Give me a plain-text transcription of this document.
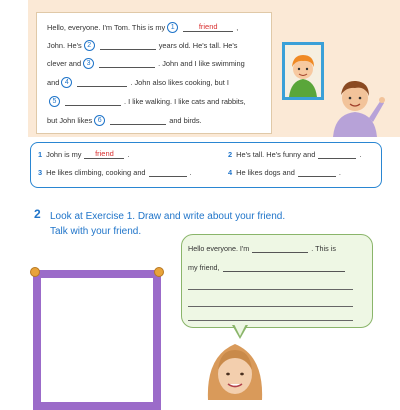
Hello, everyone. I'm Tom. This is my 1	friend	,
John. He's 2	years old. He's tall. He's
clever and 3	. John and I like swimming
and 4	. John also likes cooking, but I
5	. I like walking. I like cats and rabbits,
but John likes 6	and birds.
1 John is my	friend	.	2 He's tall. He's funny and	.
3 He likes climbing, cooking and	.	4 He likes dogs and	.
2 Look at Exercise 1. Draw and write about your friend.
Talk with your friend.
Hello everyone. I'm	. This is
my friend,
